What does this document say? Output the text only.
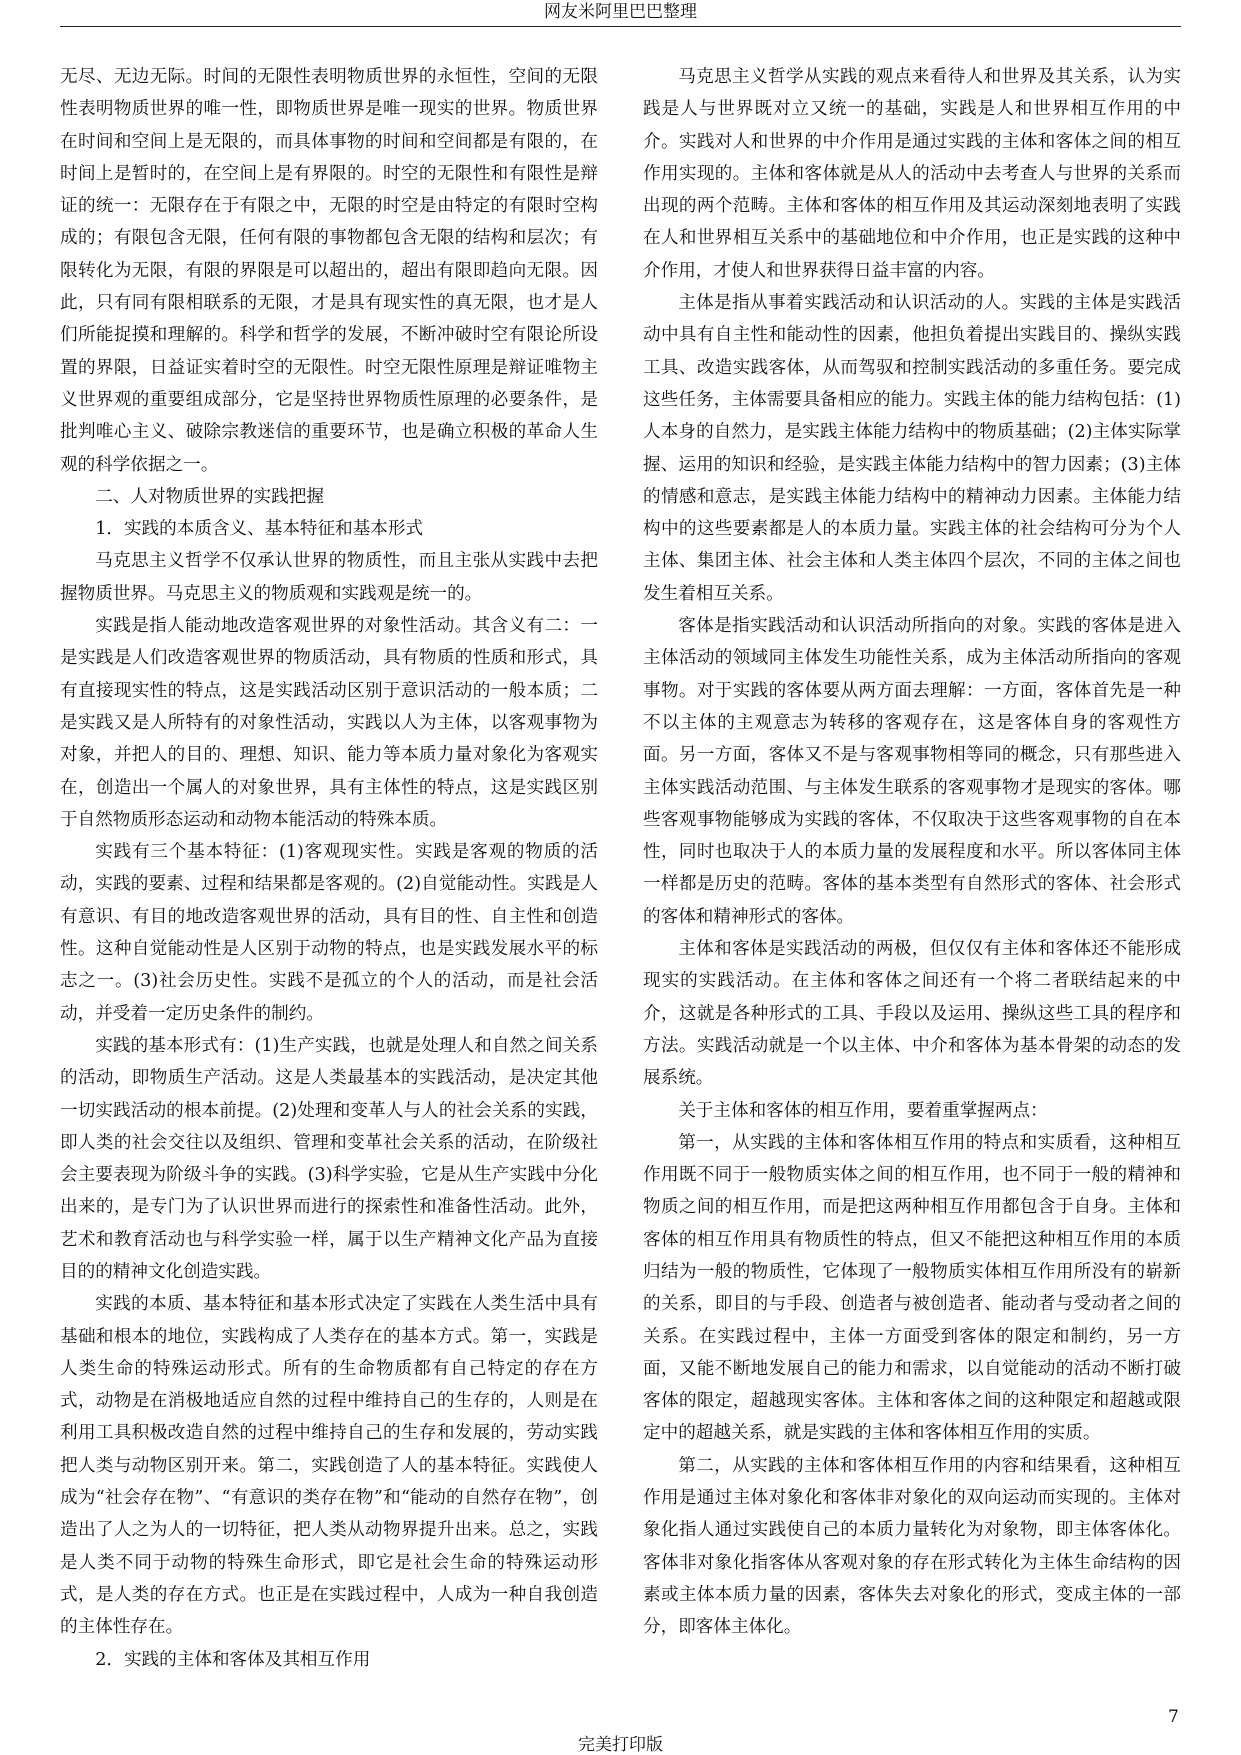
网友米阿里巴巴整理

无尽、无边无际。时间的无限性表明物质世界的永恒性，空间的无限性表明物质世界的唯一性，即物质世界是唯一现实的世界。物质世界在时间和空间上是无限的，而具体事物的时间和空间都是有限的，在时间上是暂时的，在空间上是有界限的。时空的无限性和有限性是辩证的统一：无限存在于有限之中，无限的时空是由特定的有限时空构成的；有限包含无限，任何有限的事物都包含无限的结构和层次；有限转化为无限，有限的界限是可以超出的，超出有限即趋向无限。因此，只有同有限相联系的无限，才是具有现实性的真无限，也才是人们所能捉摸和理解的。科学和哲学的发展，不断冲破时空有限论所设置的界限，日益证实着时空的无限性。时空无限性原理是辩证唯物主义世界观的重要组成部分，它是坚持世界物质性原理的必要条件，是批判唯心主义、破除宗教迷信的重要环节，也是确立积极的革命人生观的科学依据之一。

二、人对物质世界的实践把握

1．实践的本质含义、基本特征和基本形式

马克思主义哲学不仅承认世界的物质性，而且主张从实践中去把握物质世界。马克思主义的物质观和实践观是统一的。

实践是指人能动地改造客观世界的对象性活动。其含义有二：一是实践是人们改造客观世界的物质活动，具有物质的性质和形式，具有直接现实性的特点，这是实践活动区别于意识活动的一般本质；二是实践又是人所特有的对象性活动，实践以人为主体，以客观事物为对象，并把人的目的、理想、知识、能力等本质力量对象化为客观实在，创造出一个属人的对象世界，具有主体性的特点，这是实践区别于自然物质形态运动和动物本能活动的特殊本质。

实践有三个基本特征：(1)客观现实性。实践是客观的物质的活动，实践的要素、过程和结果都是客观的。(2)自觉能动性。实践是人有意识、有目的地改造客观世界的活动，具有目的性、自主性和创造性。这种自觉能动性是人区别于动物的特点，也是实践发展水平的标志之一。(3)社会历史性。实践不是孤立的个人的活动，而是社会活动，并受着一定历史条件的制约。

实践的基本形式有：(1)生产实践，也就是处理人和自然之间关系的活动，即物质生产活动。这是人类最基本的实践活动，是决定其他一切实践活动的根本前提。(2)处理和变革人与人的社会关系的实践，即人类的社会交往以及组织、管理和变革社会关系的活动，在阶级社会主要表现为阶级斗争的实践。(3)科学实验，它是从生产实践中分化出来的，是专门为了认识世界而进行的探索性和准备性活动。此外，艺术和教育活动也与科学实验一样，属于以生产精神文化产品为直接目的的精神文化创造实践。

实践的本质、基本特征和基本形式决定了实践在人类生活中具有基础和根本的地位，实践构成了人类存在的基本方式。第一，实践是人类生命的特殊运动形式。所有的生命物质都有自己特定的存在方式，动物是在消极地适应自然的过程中维持自己的生存的，人则是在利用工具积极改造自然的过程中维持自己的生存和发展的，劳动实践把人类与动物区别开来。第二，实践创造了人的基本特征。实践使人成为“社会存在物”、“有意识的类存在物”和“能动的自然存在物”，创造出了人之为人的一切特征，把人类从动物界提升出来。总之，实践是人类不同于动物的特殊生命形式，即它是社会生命的特殊运动形式，是人类的存在方式。也正是在实践过程中，人成为一种自我创造的主体性存在。

2．实践的主体和客体及其相互作用

马克思主义哲学从实践的观点来看待人和世界及其关系，认为实践是人与世界既对立又统一的基础，实践是人和世界相互作用的中介。实践对人和世界的中介作用是通过实践的主体和客体之间的相互作用实现的。主体和客体就是从人的活动中去考查人与世界的关系而出现的两个范畴。主体和客体的相互作用及其运动深刻地表明了实践在人和世界相互关系中的基础地位和中介作用，也正是实践的这种中介作用，才使人和世界获得日益丰富的内容。

主体是指从事着实践活动和认识活动的人。实践的主体是实践活动中具有自主性和能动性的因素，他担负着提出实践目的、操纵实践工具、改造实践客体，从而驾驭和控制实践活动的多重任务。要完成这些任务，主体需要具备相应的能力。实践主体的能力结构包括：(1)人本身的自然力，是实践主体能力结构中的物质基础；(2)主体实际掌握、运用的知识和经验，是实践主体能力结构中的智力因素；(3)主体的情感和意志，是实践主体能力结构中的精神动力因素。主体能力结构中的这些要素都是人的本质力量。实践主体的社会结构可分为个人主体、集团主体、社会主体和人类主体四个层次，不同的主体之间也发生着相互关系。

客体是指实践活动和认识活动所指向的对象。实践的客体是进入主体活动的领域同主体发生功能性关系，成为主体活动所指向的客观事物。对于实践的客体要从两方面去理解：一方面，客体首先是一种不以主体的主观意志为转移的客观存在，这是客体自身的客观性方面。另一方面，客体又不是与客观事物相等同的概念，只有那些进入主体实践活动范围、与主体发生联系的客观事物才是现实的客体。哪些客观事物能够成为实践的客体，不仅取决于这些客观事物的自在本性，同时也取决于人的本质力量的发展程度和水平。所以客体同主体一样都是历史的范畴。客体的基本类型有自然形式的客体、社会形式的客体和精神形式的客体。

主体和客体是实践活动的两极，但仅仅有主体和客体还不能形成现实的实践活动。在主体和客体之间还有一个将二者联结起来的中介，这就是各种形式的工具、手段以及运用、操纵这些工具的程序和方法。实践活动就是一个以主体、中介和客体为基本骨架的动态的发展系统。

关于主体和客体的相互作用，要着重掌握两点：

第一，从实践的主体和客体相互作用的特点和实质看，这种相互作用既不同于一般物质实体之间的相互作用，也不同于一般的精神和物质之间的相互作用，而是把这两种相互作用都包含于自身。主体和客体的相互作用具有物质性的特点，但又不能把这种相互作用的本质归结为一般的物质性，它体现了一般物质实体相互作用所没有的崭新的关系，即目的与手段、创造者与被创造者、能动者与受动者之间的关系。在实践过程中，主体一方面受到客体的限定和制约，另一方面，又能不断地发展自己的能力和需求，以自觉能动的活动不断打破客体的限定，超越现实客体。主体和客体之间的这种限定和超越或限定中的超越关系，就是实践的主体和客体相互作用的实质。

第二，从实践的主体和客体相互作用的内容和结果看，这种相互作用是通过主体对象化和客体非对象化的双向运动而实现的。主体对象化指人通过实践使自己的本质力量转化为对象物，即主体客体化。客体非对象化指客体从客观对象的存在形式转化为主体生命结构的因素或主体本质力量的因素，客体失去对象化的形式，变成主体的一部分，即客体主体化。

7
完美打印版
